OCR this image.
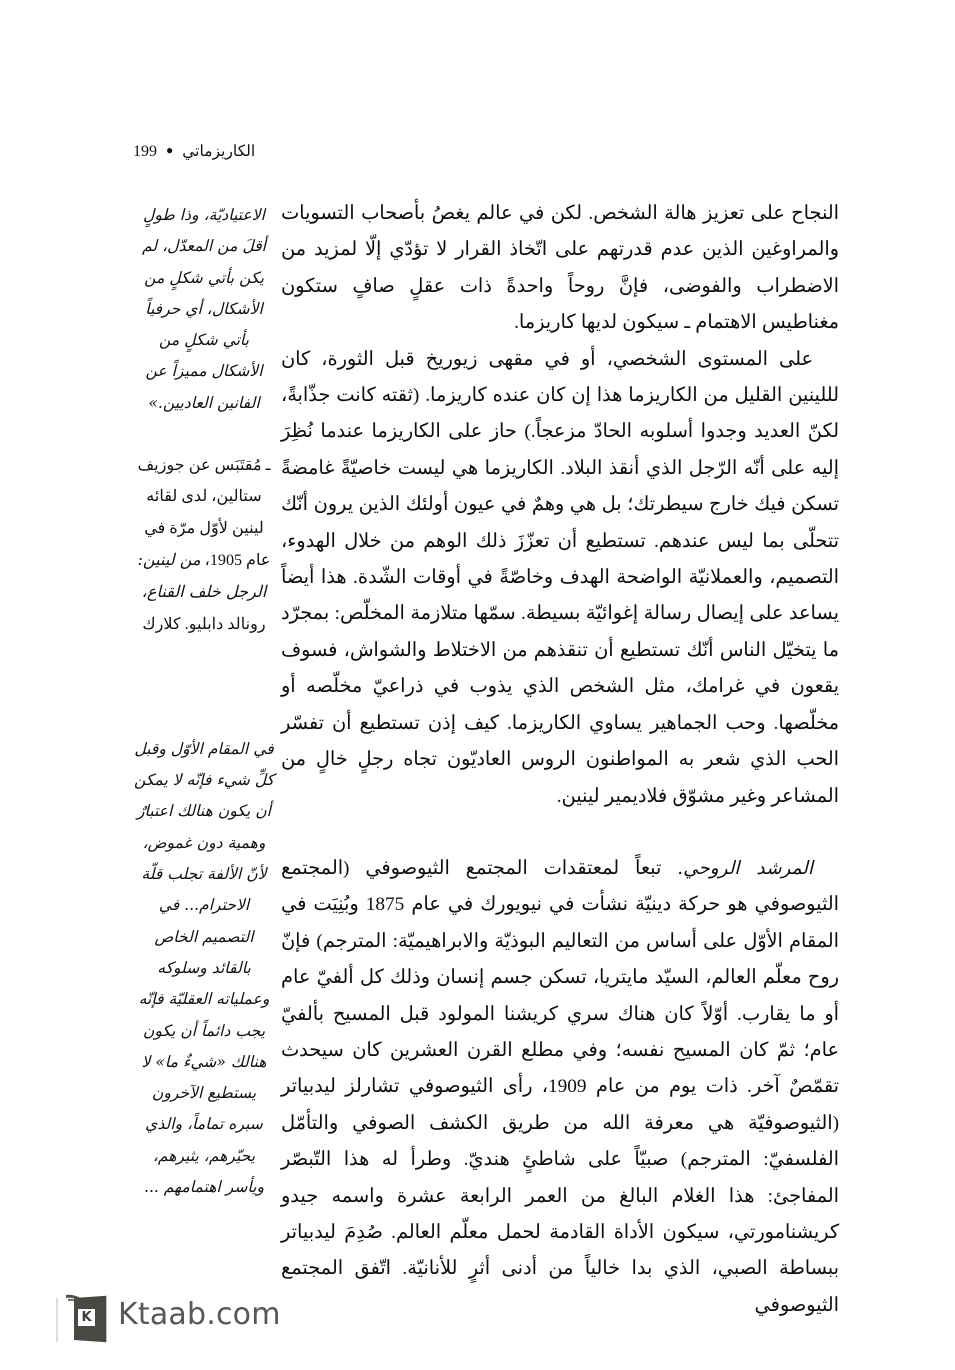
الكاريزماتي●199

النجاح على تعزيز هالة الشخص. لكن في عالم يغصُ بأصحاب التسويات والمراوغين الذين عدم قدرتهم على اتّخاذ القرار لا تؤدّي إلّا لمزيد من الاضطراب والفوضى، فإنَّ روحاً واحدةً ذات عقلٍ صافٍ ستكون مغناطيس الاهتمام ـ سيكون لديها كاريزما.

على المستوى الشخصي، أو في مقهى زيوريخ قبل الثورة، كان لللينين القليل من الكاريزما هذا إن كان عنده كاريزما. (ثقته كانت جذّابةً، لكنّ العديد وجدوا أسلوبه الحادّ مزعجاً.) حاز على الكاريزما عندما نُظِرَ إليه على أنّه الرّجل الذي أنقذ البلاد. الكاريزما هي ليست خاصيّةً غامضةً تسكن فيك خارج سيطرتك؛ بل هي وهمٌ في عيون أولئك الذين يرون أنّك تتحلّى بما ليس عندهم. تستطيع أن تعزّزَ ذلك الوهم من خلال الهدوء، التصميم، والعملانيّة الواضحة الهدف وخاصّةً في أوقات الشّدة. هذا أيضاً يساعد على إيصال رسالة إغوائيّة بسيطة. سمّها متلازمة المخلّص: بمجرّد ما يتخيّل الناس أنّك تستطيع أن تنقذهم من الاختلاط والشواش، فسوف يقعون في غرامك، مثل الشخص الذي يذوب في ذراعيّ مخلّصه أو مخلّصها. وحب الجماهير يساوي الكاريزما. كيف إذن تستطيع أن تفسّر الحب الذي شعر به المواطنون الروس العاديّون تجاه رجلٍ خالٍ من المشاعر وغير مشوّق فلاديمير لينين.

المرشد الروحي. تبعاً لمعتقدات المجتمع الثيوصوفي (المجتمع الثيوصوفي هو حركة دينيّة نشأت في نيويورك في عام 1875 وبُنِيَت في المقام الأوّل على أساس من التعاليم البوذيّة والابراهيميّة: المترجم) فإنّ روح معلّم العالم، السيّد مايتريا، تسكن جسم إنسان وذلك كل ألفيّ عام أو ما يقارب. أوّلاً كان هناك سري كريشنا المولود قبل المسيح بألفيّ عام؛ ثمّ كان المسيح نفسه؛ وفي مطلع القرن العشرين كان سيحدث تقمّصٌ آخر. ذات يوم من عام 1909، رأى الثيوصوفي تشارلز ليدبياتر (الثيوصوفيّة هي معرفة الله من طريق الكشف الصوفي والتأمّل الفلسفيّ: المترجم) صبيّاً على شاطئٍ هنديّ. وطرأ له هذا التّبصّر المفاجئ: هذا الغلام البالغ من العمر الرابعة عشرة واسمه جيدو كريشنامورتي، سيكون الأداة القادمة لحمل معلّم العالم. صُدِمَ ليدبياتر ببساطة الصبي، الذي بدا خالياً من أدنى أثرٍ للأنانيّة. اتّفق المجتمع الثيوصوفي

الاعتياديّة، وذا طولٍ أقلَ من المعدّل، لم يكن بأتي شكلٍ من الأشكال، أي حرفياً بأتي شكلٍ من الأشكال مميزاً عن الفانين العاديين.»
ـ مُقتَبَس عن جوزيف ستالين، لدى لقائه لينين لأوّل مرّة في عام 1905، من لينين: الرجل خلف القناع، رونالد دابليو. كلارك
في المقام الأوّل وقبل كلِّ شيء فإنّه لا يمكن أن يكون هنالك اعتبارٌ وهمية دون غموض، لأنّ الألفة تجلب قلّة الاحترام... في التصميم الخاص بالقائد وسلوكه وعملياته العقليّة فإنّه يجب دائماً أن يكون هنالك «شيءٌ ما» لا يستطيع الآخرون سبره تماماً، والذي يحيّرهم، يثيرهم، ويأسر اهتمامهم ...
K Ktaab.com
